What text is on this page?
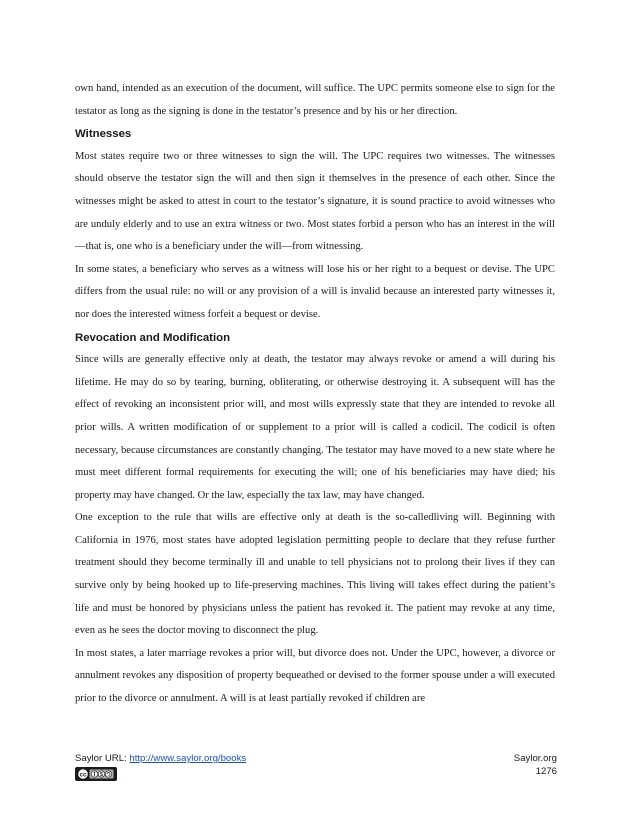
own hand, intended as an execution of the document, will suffice. The UPC permits someone else to sign for the testator as long as the signing is done in the testator’s presence and by his or her direction.

Witnesses

Most states require two or three witnesses to sign the will. The UPC requires two witnesses. The witnesses should observe the testator sign the will and then sign it themselves in the presence of each other. Since the witnesses might be asked to attest in court to the testator’s signature, it is sound practice to avoid witnesses who are unduly elderly and to use an extra witness or two. Most states forbid a person who has an interest in the will—that is, one who is a beneficiary under the will—from witnessing.

In some states, a beneficiary who serves as a witness will lose his or her right to a bequest or devise. The UPC differs from the usual rule: no will or any provision of a will is invalid because an interested party witnesses it, nor does the interested witness forfeit a bequest or devise.

Revocation and Modification

Since wills are generally effective only at death, the testator may always revoke or amend a will during his lifetime. He may do so by tearing, burning, obliterating, or otherwise destroying it. A subsequent will has the effect of revoking an inconsistent prior will, and most wills expressly state that they are intended to revoke all prior wills. A written modification of or supplement to a prior will is called a codicil. The codicil is often necessary, because circumstances are constantly changing. The testator may have moved to a new state where he must meet different formal requirements for executing the will; one of his beneficiaries may have died; his property may have changed. Or the law, especially the tax law, may have changed.

One exception to the rule that wills are effective only at death is the so-calledliving will. Beginning with California in 1976, most states have adopted legislation permitting people to declare that they refuse further treatment should they become terminally ill and unable to tell physicians not to prolong their lives if they can survive only by being hooked up to life-preserving machines. This living will takes effect during the patient’s life and must be honored by physicians unless the patient has revoked it. The patient may revoke at any time, even as he sees the doctor moving to disconnect the plug.

In most states, a later marriage revokes a prior will, but divorce does not. Under the UPC, however, a divorce or annulment revokes any disposition of property bequeathed or devised to the former spouse under a will executed prior to the divorce or annulment. A will is at least partially revoked if children are

Saylor URL: http://www.saylor.org/books
cc	$
Saylor.org
1276
